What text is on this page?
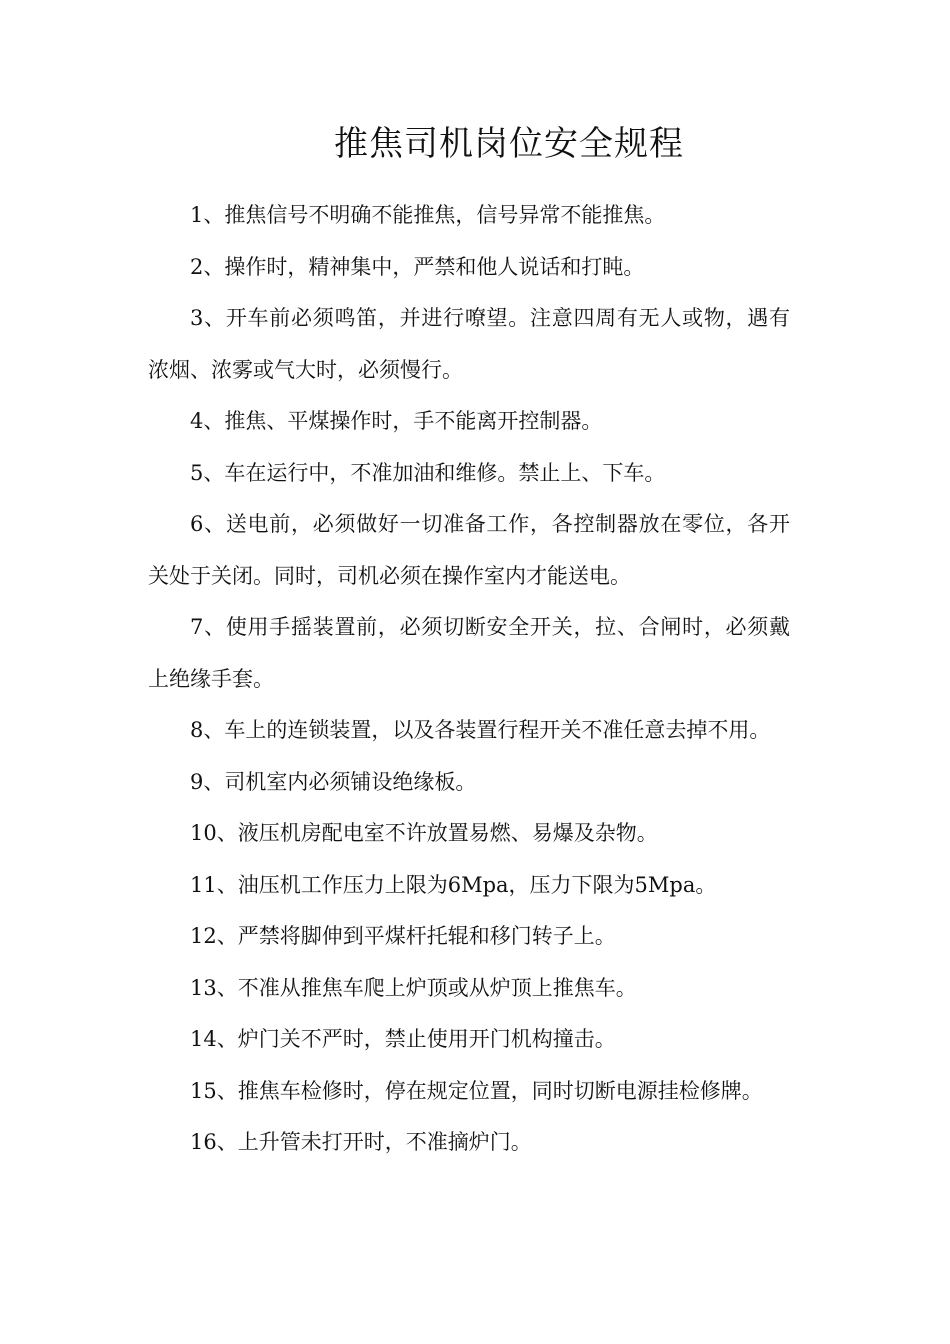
推焦司机岗位安全规程
1、推焦信号不明确不能推焦，信号异常不能推焦。
2、操作时，精神集中，严禁和他人说话和打盹。
3、开车前必须鸣笛，并进行嘹望。注意四周有无人或物，遇有浓烟、浓雾或气大时，必须慢行。
4、推焦、平煤操作时，手不能离开控制器。
5、车在运行中，不准加油和维修。禁止上、下车。
6、送电前，必须做好一切准备工作，各控制器放在零位，各开关处于关闭。同时，司机必须在操作室内才能送电。
7、使用手摇装置前，必须切断安全开关，拉、合闸时，必须戴上绝缘手套。
8、车上的连锁装置，以及各装置行程开关不准任意去掉不用。
9、司机室内必须铺设绝缘板。
10、液压机房配电室不许放置易燃、易爆及杂物。
11、油压机工作压力上限为6Mpa，压力下限为5Mpa。
12、严禁将脚伸到平煤杆托辊和移门转子上。
13、不准从推焦车爬上炉顶或从炉顶上推焦车。
14、炉门关不严时，禁止使用开门机构撞击。
15、推焦车检修时，停在规定位置，同时切断电源挂检修牌。
16、上升管未打开时，不准摘炉门。
